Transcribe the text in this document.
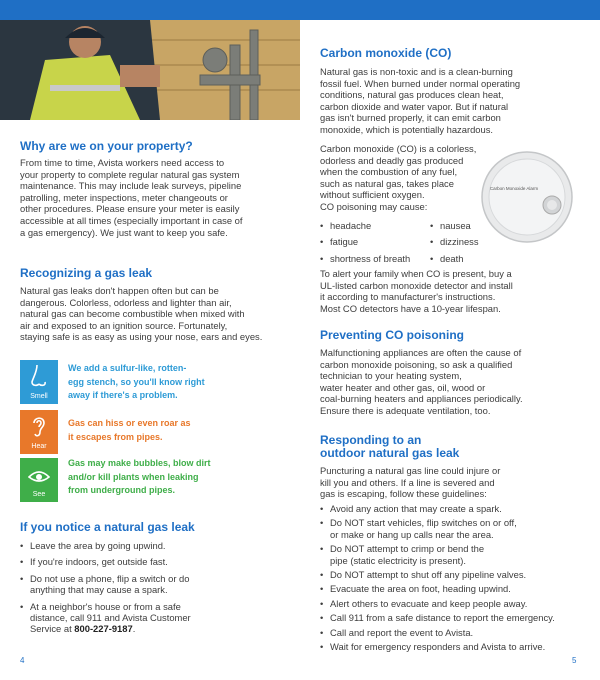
Why are we on your property?
From time to time, Avista workers need access to
your property to complete regular natural gas system
maintenance. This may include leak surveys, pipeline
patrolling, meter inspections, meter changeouts or
other procedures. Please ensure your meter is easily
accessible at all times (especially important in case of
a gas emergency). We just want to keep you safe.
Recognizing a gas leak
Natural gas leaks don't happen often but can be
dangerous. Colorless, odorless and lighter than air,
natural gas can become combustible when mixed with
air and exposed to an ignition source. Fortunately,
staying safe is as easy as using your nose, ears and eyes.
Smell
We add a sulfur-like, rotten-
egg stench, so you'll know right
away if there's a problem.
Hear
Gas can hiss or even roar as
it escapes from pipes.
See
Gas may make bubbles, blow dirt
and/or kill plants when leaking
from underground pipes.
If you notice a natural gas leak
• Leave the area by going upwind.
• If you're indoors, get outside fast.
• Do not use a phone, flip a switch or do
anything that may cause a spark.
• At a neighbor's house or from a safe
distance, call 911 and Avista Customer
Service at 800-227-9187.
4
Carbon monoxide (CO)
Natural gas is non-toxic and is a clean-burning
fossil fuel. When burned under normal operating
conditions, natural gas produces clean heat,
carbon dioxide and water vapor. But if natural
gas isn't burned properly, it can emit carbon
monoxide, which is potentially hazardous.
Carbon monoxide (CO) is a colorless,
odorless and deadly gas produced
when the combustion of any fuel,
such as natural gas, takes place
without sufficient oxygen.
CO poisoning may cause:
Carbon Monoxide Alarm
• headache
• fatigue
• shortness of breath
• nausea
• dizziness
• death
To alert your family when CO is present, buy a
UL-listed carbon monoxide detector and install
it according to manufacturer's instructions.
Most CO detectors have a 10-year lifespan.
Preventing CO poisoning
Malfunctioning appliances are often the cause of
carbon monoxide poisoning, so ask a qualified
technician to your heating system,
water heater and other gas, oil, wood or
coal-burning heaters and appliances periodically.
Ensure there is adequate ventilation, too.
Responding to an
outdoor natural gas leak
Puncturing a natural gas line could injure or
kill you and others. If a line is severed and
gas is escaping, follow these guidelines:
• Avoid any action that may create a spark.
• Do NOT start vehicles, flip switches on or off,
or make or hang up calls near the area.
• Do NOT attempt to crimp or bend the
pipe (static electricity is present).
• Do NOT attempt to shut off any pipeline valves.
• Evacuate the area on foot, heading upwind.
• Alert others to evacuate and keep people away.
• Call 911 from a safe distance to report the emergency.
• Call and report the event to Avista.
• Wait for emergency responders and Avista to arrive.
5
